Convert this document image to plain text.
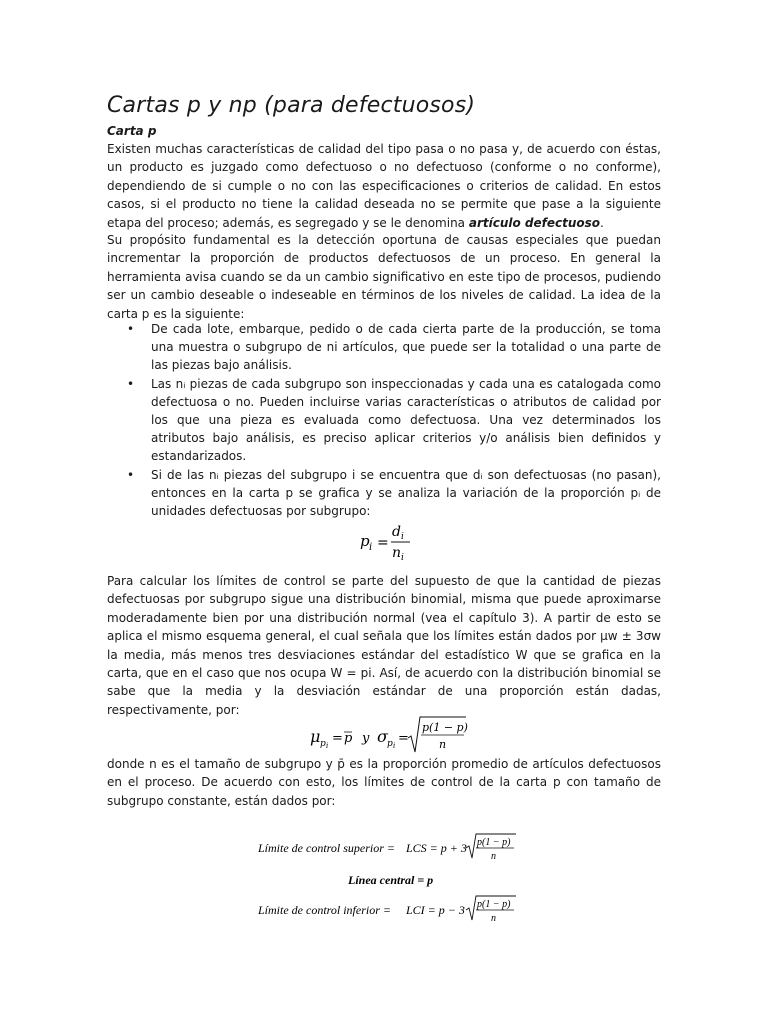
Cartas p y np (para defectuosos)
Carta p
Existen muchas características de calidad del tipo pasa o no pasa y, de acuerdo con éstas, un producto es juzgado como defectuoso o no defectuoso (conforme o no conforme), dependiendo de si cumple o no con las especificaciones o criterios de calidad. En estos casos, si el producto no tiene la calidad deseada no se permite que pase a la siguiente etapa del proceso; además, es segregado y se le denomina artículo defectuoso.
Su propósito fundamental es la detección oportuna de causas especiales que puedan incrementar la proporción de productos defectuosos de un proceso. En general la herramienta avisa cuando se da un cambio significativo en este tipo de procesos, pudiendo ser un cambio deseable o indeseable en términos de los niveles de calidad. La idea de la carta p es la siguiente:
• De cada lote, embarque, pedido o de cada cierta parte de la producción, se toma una muestra o subgrupo de ni artículos, que puede ser la totalidad o una parte de las piezas bajo análisis.
• Las nᵢ piezas de cada subgrupo son inspeccionadas y cada una es catalogada como defectuosa o no. Pueden incluirse varias características o atributos de calidad por los que una pieza es evaluada como defectuosa. Una vez determinados los atributos bajo análisis, es preciso aplicar criterios y/o análisis bien definidos y estandarizados.
• Si de las nᵢ piezas del subgrupo i se encuentra que dᵢ son defectuosas (no pasan), entonces en la carta p se grafica y se analiza la variación de la proporción pᵢ de unidades defectuosas por subgrupo:
p i =
d i
n i
Para calcular los límites de control se parte del supuesto de que la cantidad de piezas defectuosas por subgrupo sigue una distribución binomial, misma que puede aproximarse moderadamente bien por una distribución normal (vea el capítulo 3). A partir de esto se aplica el mismo esquema general, el cual señala que los límites están dados por μw ± 3σw la media, más menos tres desviaciones estándar del estadístico W que se grafica en la carta, que en el caso que nos ocupa W = pi. Así, de acuerdo con la distribución binomial se sabe que la media y la desviación estándar de una proporción están dadas, respectivamente, por:
μ p i = p y σ p i =
p(1 − p)
n
donde n es el tamaño de subgrupo y p̄ es la proporción promedio de artículos defectuosos en el proceso. De acuerdo con esto, los límites de control de la carta p con tamaño de subgrupo constante, están dados por:
Límite de control superior = LCS = p + 3 p(1 − p)
n
Línea central = p
Límite de control inferior = LCI = p − 3 p(1 − p)
n
